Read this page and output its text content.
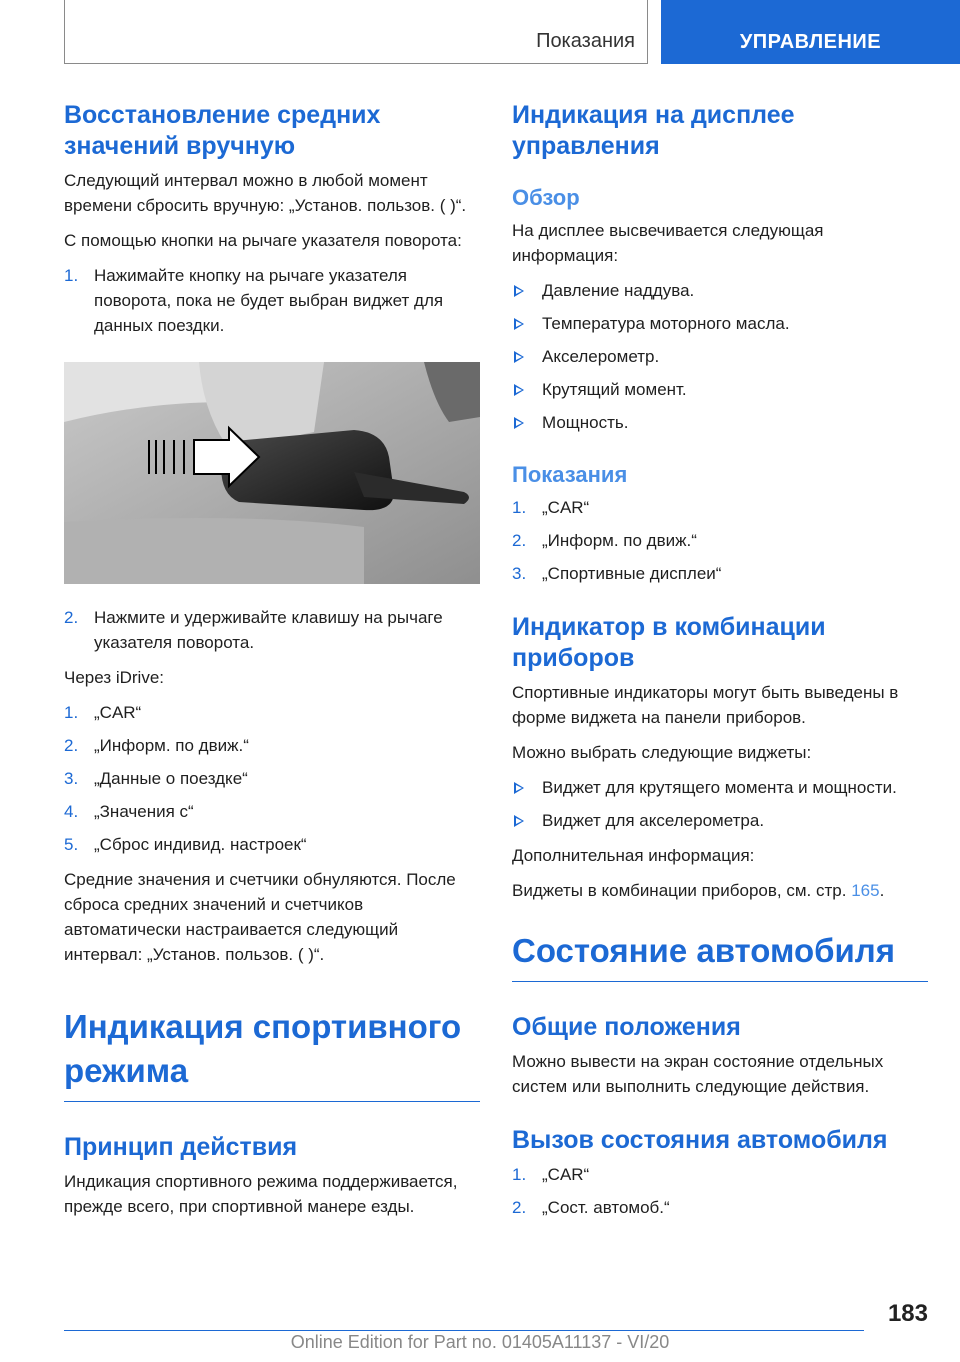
Показания	УПРАВЛЕНИЕ
Восстановление средних значений вручную

Следующий интервал можно в любой момент времени сбросить вручную: „Установ. пользов. ( )“.

С помощью кнопки на рычаге указателя поворота:

1. Нажимайте кнопку на рычаге указателя поворота, пока не будет выбран виджет для данных поездки.
2. Нажмите и удерживайте клавишу на рычаге указателя поворота.

Через iDrive:

1. „CAR“
2. „Информ. по движ.“
3. „Данные о поездке“
4. „Значения с“
5. „Сброс индивид. настроек“

Средние значения и счетчики обнуляются. После сброса средних значений и счетчиков автоматически настраивается следующий интервал: „Установ. пользов. ( )“.

Индикация спортивного режима
Принцип действия

Индикация спортивного режима поддерживается, прежде всего, при спортивной манере езды.

Индикация на дисплее управления
Обзор

На дисплее высвечивается следующая информация:

Давление наддува.
Температура моторного масла.
Акселерометр.
Крутящий момент.
Мощность.
Показания
1. „CAR“
2. „Информ. по движ.“
3. „Спортивные дисплеи“
Индикатор в комбинации приборов

Спортивные индикаторы могут быть выведены в форме виджета на панели приборов.

Можно выбрать следующие виджеты:

Виджет для крутящего момента и мощности.
Виджет для акселерометра.

Дополнительная информация:

Виджеты в комбинации приборов, см. стр. 165.

Состояние автомобиля
Общие положения

Можно вывести на экран состояние отдельных систем или выполнить следующие действия.

Вызов состояния автомобиля
1. „CAR“
2. „Сост. автомоб.“
183
Online Edition for Part no. 01405A11137 - VI/20
